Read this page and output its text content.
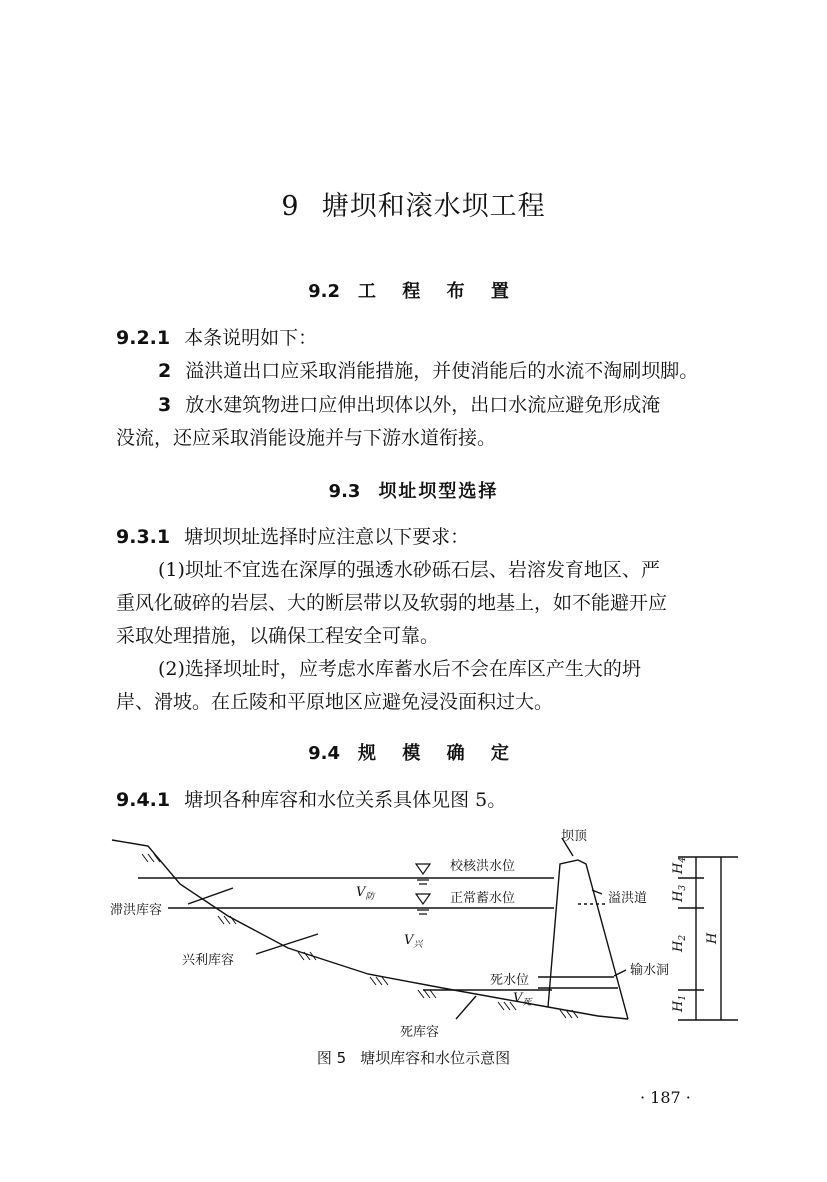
9 塘坝和滚水坝工程
9.2 工 程 布 置
9.2.1 本条说明如下：
2 溢洪道出口应采取消能措施，并使消能后的水流不淘刷坝脚。
3 放水建筑物进口应伸出坝体以外，出口水流应避免形成淹
没流，还应采取消能设施并与下游水道衔接。
9.3 坝址坝型选择
9.3.1 塘坝坝址选择时应注意以下要求：
(1)坝址不宜选在深厚的强透水砂砾石层、岩溶发育地区、严
重风化破碎的岩层、大的断层带以及软弱的地基上，如不能避开应
采取处理措施，以确保工程安全可靠。
(2)选择坝址时，应考虑水库蓄水后不会在库区产生大的坍
岸、滑坡。在丘陵和平原地区应避免浸没面积过大。
9.4 规 模 确 定
9.4.1 塘坝各种库容和水位关系具体见图 5。
坝顶
校核洪水位
正常蓄水位	溢洪道
滞洪库容
兴利库容
输水洞
死水位
死库容
$V_防$
$V_兴$
$V_死$
$H_4$
$H_3$
$H_2$
$H_1$
H
图 5 塘坝库容和水位示意图
· 187 ·
